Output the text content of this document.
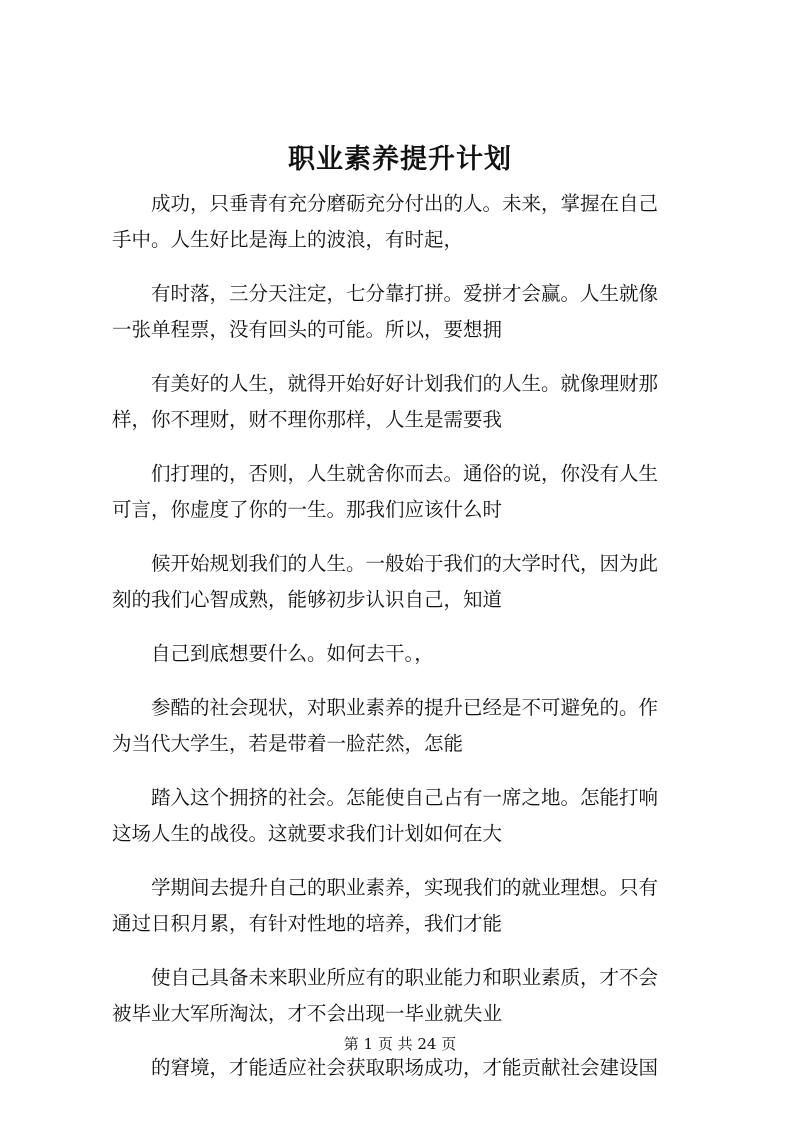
职业素养提升计划

成功，只垂青有充分磨砺充分付出的人。未来，掌握在自己
手中。人生好比是海上的波浪，有时起，

有时落，三分天注定，七分靠打拼。爱拼才会赢。人生就像
一张单程票，没有回头的可能。所以，要想拥

有美好的人生，就得开始好好计划我们的人生。就像理财那
样，你不理财，财不理你那样，人生是需要我

们打理的，否则，人生就舍你而去。通俗的说，你没有人生
可言，你虚度了你的一生。那我们应该什么时

候开始规划我们的人生。一般始于我们的大学时代，因为此
刻的我们心智成熟，能够初步认识自己，知道

自己到底想要什么。如何去干。，

参酷的社会现状，对职业素养的提升已经是不可避免的。作
为当代大学生，若是带着一脸茫然，怎能

踏入这个拥挤的社会。怎能使自己占有一席之地。怎能打响
这场人生的战役。这就要求我们计划如何在大

学期间去提升自己的职业素养，实现我们的就业理想。只有
通过日积月累，有针对性地的培养，我们才能

使自己具备未来职业所应有的职业能力和职业素质，才不会
被毕业大军所淘汰，才不会出现一毕业就失业

的窘境，才能适应社会获取职场成功，才能贡献社会建设国

第 1 页 共 24 页
